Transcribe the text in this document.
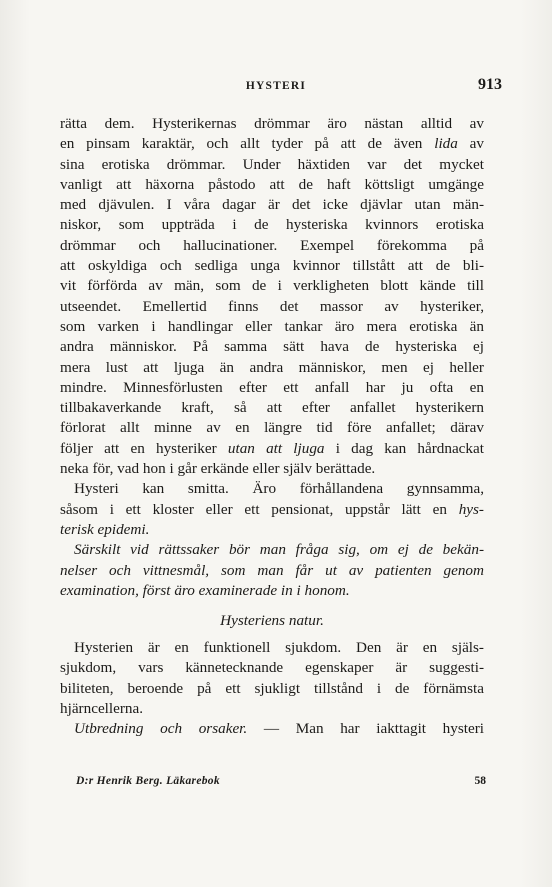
HYSTERI	913
rätta dem. Hysterikernas drömmar äro nästan alltid av
en pinsam karaktär, och allt tyder på att de även lida av
sina erotiska drömmar. Under häxtiden var det mycket
vanligt att häxorna påstodo att de haft köttsligt umgänge
med djävulen. I våra dagar är det icke djävlar utan män-
niskor, som uppträda i de hysteriska kvinnors erotiska
drömmar och hallucinationer. Exempel förekomma på
att oskyldiga och sedliga unga kvinnor tillstått att de bli-
vit förförda av män, som de i verkligheten blott kände till
utseendet. Emellertid finns det massor av hysteriker,
som varken i handlingar eller tankar äro mera erotiska än
andra människor. På samma sätt hava de hysteriska ej
mera lust att ljuga än andra människor, men ej heller
mindre. Minnesförlusten efter ett anfall har ju ofta en
tillbakaverkande kraft, så att efter anfallet hysterikern
förlorat allt minne av en längre tid före anfallet; därav
följer att en hysteriker utan att ljuga i dag kan hårdnackat
neka för, vad hon i går erkände eller själv berättade.
Hysteri kan smitta. Äro förhållandena gynnsamma,
såsom i ett kloster eller ett pensionat, uppstår lätt en hys-
terisk epidemi.
Särskilt vid rättssaker bör man fråga sig, om ej de bekän-
nelser och vittnesmål, som man får ut av patienten genom
examination, först äro examinerade in i honom.
Hysteriens natur.
Hysterien är en funktionell sjukdom. Den är en själs-
sjukdom, vars kännetecknande egenskaper är suggesti-
biliteten, beroende på ett sjukligt tillstånd i de förnämsta
hjärncellerna.
Utbredning och orsaker. — Man har iakttagit hysteri
D:r Henrik Berg. Läkarebok	58
